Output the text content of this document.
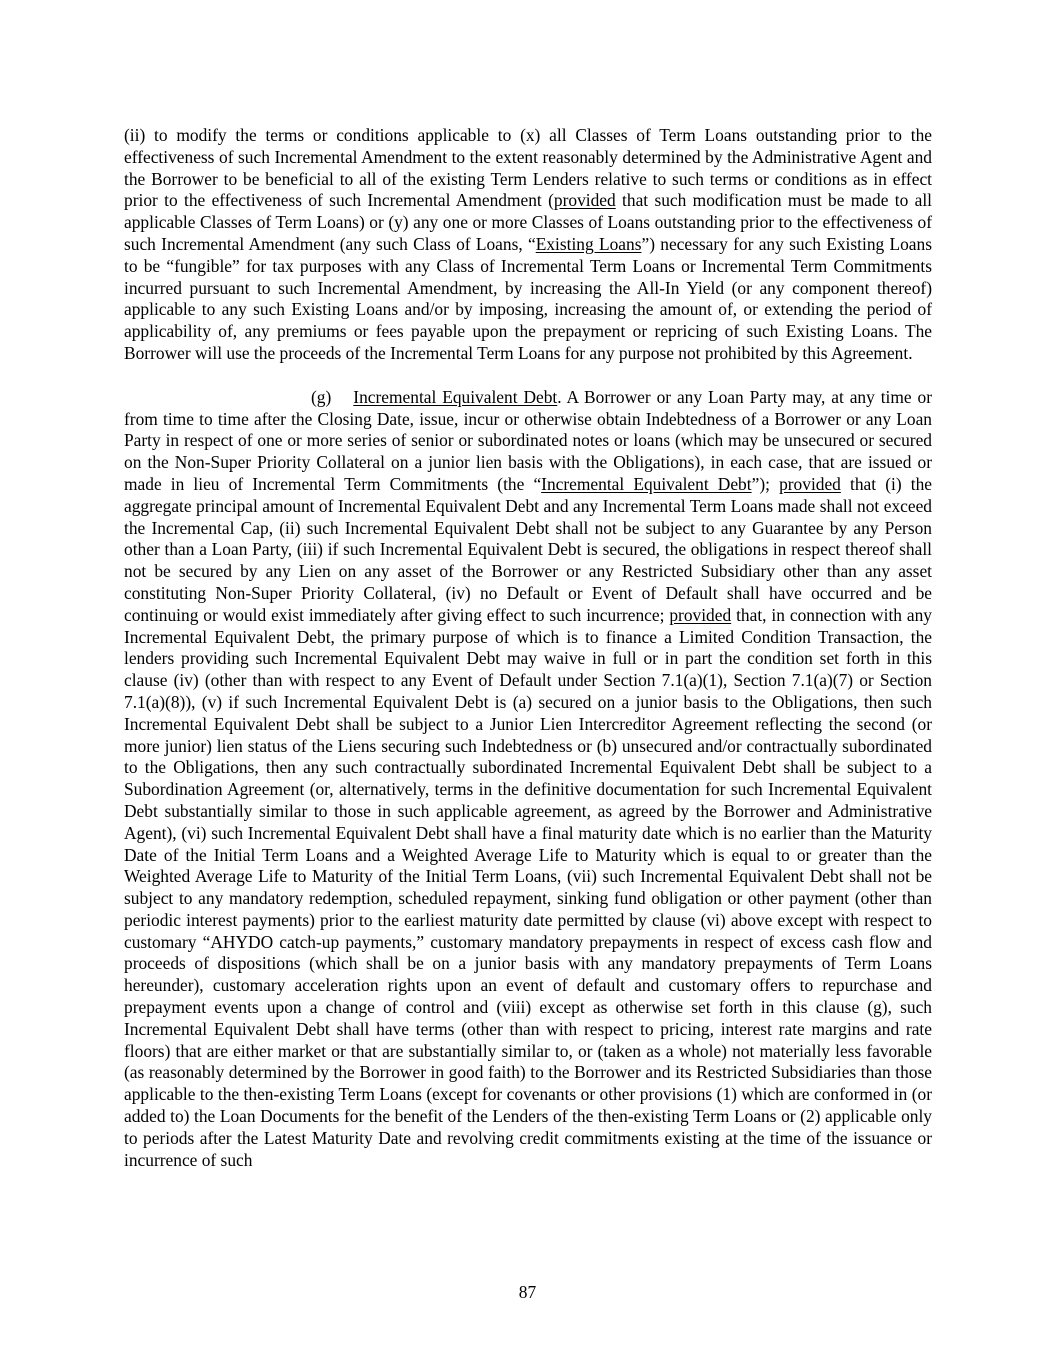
(ii) to modify the terms or conditions applicable to (x) all Classes of Term Loans outstanding prior to the effectiveness of such Incremental Amendment to the extent reasonably determined by the Administrative Agent and the Borrower to be beneficial to all of the existing Term Lenders relative to such terms or conditions as in effect prior to the effectiveness of such Incremental Amendment (provided that such modification must be made to all applicable Classes of Term Loans) or (y) any one or more Classes of Loans outstanding prior to the effectiveness of such Incremental Amendment (any such Class of Loans, “Existing Loans”) necessary for any such Existing Loans to be “fungible” for tax purposes with any Class of Incremental Term Loans or Incremental Term Commitments incurred pursuant to such Incremental Amendment, by increasing the All-In Yield (or any component thereof) applicable to any such Existing Loans and/or by imposing, increasing the amount of, or extending the period of applicability of, any premiums or fees payable upon the prepayment or repricing of such Existing Loans. The Borrower will use the proceeds of the Incremental Term Loans for any purpose not prohibited by this Agreement.

(g) Incremental Equivalent Debt. A Borrower or any Loan Party may, at any time or from time to time after the Closing Date, issue, incur or otherwise obtain Indebtedness of a Borrower or any Loan Party in respect of one or more series of senior or subordinated notes or loans (which may be unsecured or secured on the Non-Super Priority Collateral on a junior lien basis with the Obligations), in each case, that are issued or made in lieu of Incremental Term Commitments (the “Incremental Equivalent Debt”); provided that (i) the aggregate principal amount of Incremental Equivalent Debt and any Incremental Term Loans made shall not exceed the Incremental Cap, (ii) such Incremental Equivalent Debt shall not be subject to any Guarantee by any Person other than a Loan Party, (iii) if such Incremental Equivalent Debt is secured, the obligations in respect thereof shall not be secured by any Lien on any asset of the Borrower or any Restricted Subsidiary other than any asset constituting Non-Super Priority Collateral, (iv) no Default or Event of Default shall have occurred and be continuing or would exist immediately after giving effect to such incurrence; provided that, in connection with any Incremental Equivalent Debt, the primary purpose of which is to finance a Limited Condition Transaction, the lenders providing such Incremental Equivalent Debt may waive in full or in part the condition set forth in this clause (iv) (other than with respect to any Event of Default under Section 7.1(a)(1), Section 7.1(a)(7) or Section 7.1(a)(8)), (v) if such Incremental Equivalent Debt is (a) secured on a junior basis to the Obligations, then such Incremental Equivalent Debt shall be subject to a Junior Lien Intercreditor Agreement reflecting the second (or more junior) lien status of the Liens securing such Indebtedness or (b) unsecured and/or contractually subordinated to the Obligations, then any such contractually subordinated Incremental Equivalent Debt shall be subject to a Subordination Agreement (or, alternatively, terms in the definitive documentation for such Incremental Equivalent Debt substantially similar to those in such applicable agreement, as agreed by the Borrower and Administrative Agent), (vi) such Incremental Equivalent Debt shall have a final maturity date which is no earlier than the Maturity Date of the Initial Term Loans and a Weighted Average Life to Maturity which is equal to or greater than the Weighted Average Life to Maturity of the Initial Term Loans, (vii) such Incremental Equivalent Debt shall not be subject to any mandatory redemption, scheduled repayment, sinking fund obligation or other payment (other than periodic interest payments) prior to the earliest maturity date permitted by clause (vi) above except with respect to customary “AHYDO catch-up payments,” customary mandatory prepayments in respect of excess cash flow and proceeds of dispositions (which shall be on a junior basis with any mandatory prepayments of Term Loans hereunder), customary acceleration rights upon an event of default and customary offers to repurchase and prepayment events upon a change of control and (viii) except as otherwise set forth in this clause (g), such Incremental Equivalent Debt shall have terms (other than with respect to pricing, interest rate margins and rate floors) that are either market or that are substantially similar to, or (taken as a whole) not materially less favorable (as reasonably determined by the Borrower in good faith) to the Borrower and its Restricted Subsidiaries than those applicable to the then-existing Term Loans (except for covenants or other provisions (1) which are conformed in (or added to) the Loan Documents for the benefit of the Lenders of the then-existing Term Loans or (2) applicable only to periods after the Latest Maturity Date and revolving credit commitments existing at the time of the issuance or incurrence of such

87
